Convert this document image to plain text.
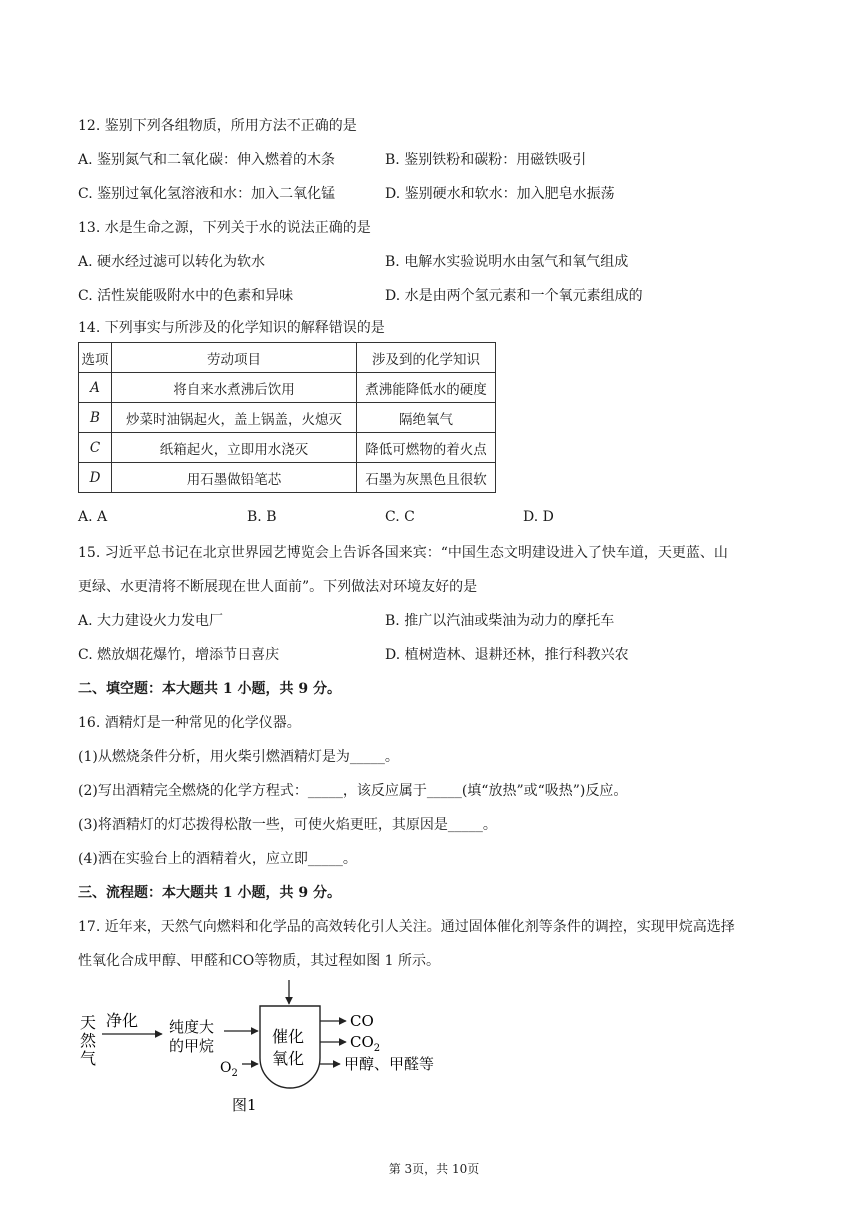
12. 鉴别下列各组物质，所用方法不正确的是
A. 鉴别氮气和二氧化碳：伸入燃着的木条	B. 鉴别铁粉和碳粉：用磁铁吸引
C. 鉴别过氧化氢溶液和水：加入二氧化锰	D. 鉴别硬水和软水：加入肥皂水振荡
13. 水是生命之源，下列关于水的说法正确的是
A. 硬水经过滤可以转化为软水	B. 电解水实验说明水由氢气和氧气组成
C. 活性炭能吸附水中的色素和异味	D. 水是由两个氢元素和一个氧元素组成的
14. 下列事实与所涉及的化学知识的解释错误的是
选项	劳动项目	涉及到的化学知识
A	将自来水煮沸后饮用	煮沸能降低水的硬度
B	炒菜时油锅起火，盖上锅盖，火熄灭	隔绝氧气
C	纸箱起火，立即用水浇灭	降低可燃物的着火点
D	用石墨做铅笔芯	石墨为灰黑色且很软
A. A	B. B	C. C	D. D
15. 习近平总书记在北京世界园艺博览会上告诉各国来宾：“中国生态文明建设进入了快车道，天更蓝、山
更绿、水更清将不断展现在世人面前”。下列做法对环境友好的是
A. 大力建设火力发电厂	B. 推广以汽油或柴油为动力的摩托车
C. 燃放烟花爆竹，增添节日喜庆	D. 植树造林、退耕还林，推行科教兴农
二、填空题：本大题共 1 小题，共 9 分。
16. 酒精灯是一种常见的化学仪器。
(1)从燃烧条件分析，用火柴引燃酒精灯是为_____。
(2)写出酒精完全燃烧的化学方程式：_____，该反应属于_____(填“放热”或“吸热”)反应。
(3)将酒精灯的灯芯拨得松散一些，可使火焰更旺，其原因是_____。
(4)洒在实验台上的酒精着火，应立即_____。
三、流程题：本大题共 1 小题，共 9 分。
17. 近年来，天然气向燃料和化学品的高效转化引人关注。通过固体催化剂等条件的调控，实现甲烷高选择
性氧化合成甲醇、甲醛和CO等物质，其过程如图 1 所示。
天
然
气
净化 纯度大
的甲烷
$O_2$
催化
氧化
CO
$CO_2$
甲醇、甲醛等
图1
第 3页，共 10页
